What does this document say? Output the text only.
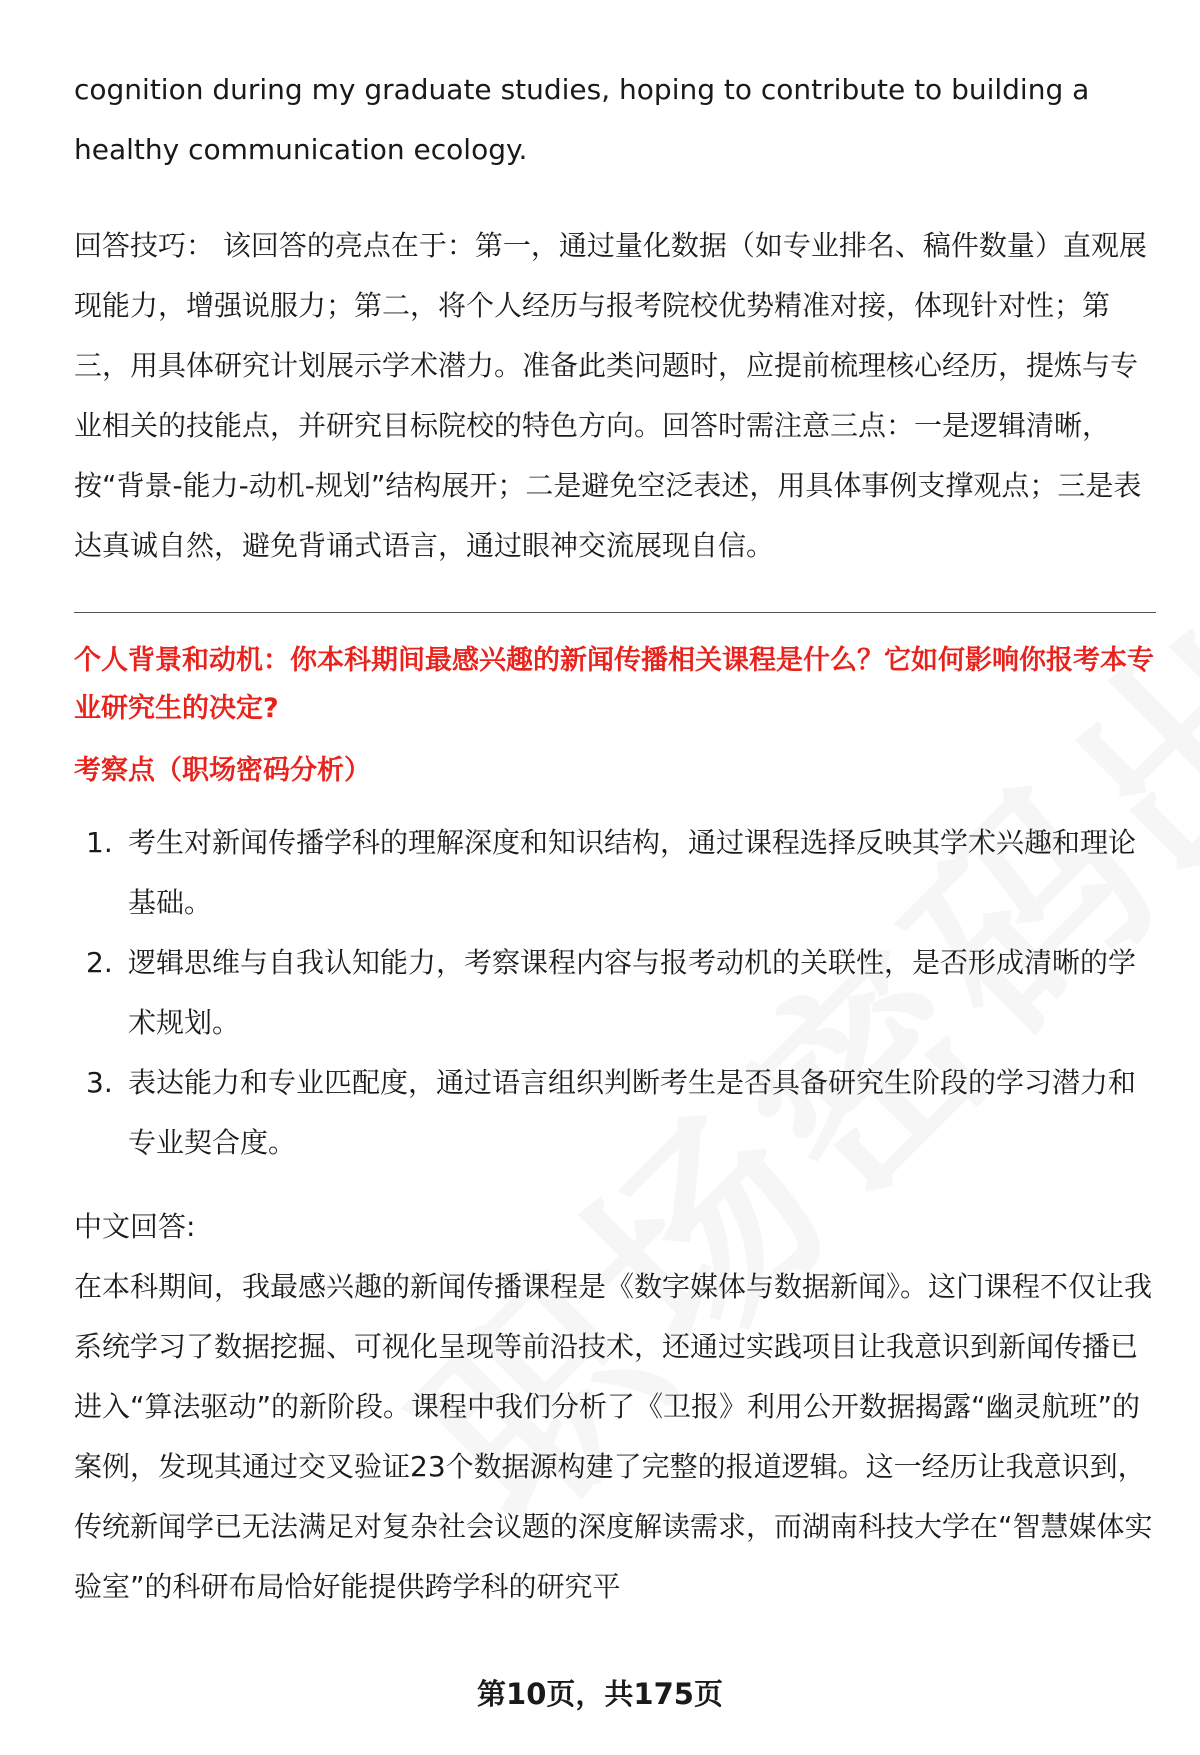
cognition during my graduate studies, hoping to contribute to building a

healthy communication ecology.

回答技巧： 该回答的亮点在于：第一，通过量化数据（如专业排名、稿件数量）直观展现能力，增强说服力；第二，将个人经历与报考院校优势精准对接，体现针对性；第三，用具体研究计划展示学术潜力。准备此类问题时，应提前梳理核心经历，提炼与专业相关的技能点，并研究目标院校的特色方向。回答时需注意三点：一是逻辑清晰，按“背景-能力-动机-规划”结构展开；二是避免空泛表述，用具体事例支撑观点；三是表达真诚自然，避免背诵式语言，通过眼神交流展现自信。

个人背景和动机：你本科期间最感兴趣的新闻传播相关课程是什么？它如何影响你报考本专业研究生的决定?

考察点（职场密码分析）

1. 考生对新闻传播学科的理解深度和知识结构，通过课程选择反映其学术兴趣和理论基础。
2. 逻辑思维与自我认知能力，考察课程内容与报考动机的关联性，是否形成清晰的学术规划。
3. 表达能力和专业匹配度，通过语言组织判断考生是否具备研究生阶段的学习潜力和专业契合度。

中文回答:

在本科期间，我最感兴趣的新闻传播课程是《数字媒体与数据新闻》。这门课程不仅让我系统学习了数据挖掘、可视化呈现等前沿技术，还通过实践项目让我意识到新闻传播已进入“算法驱动”的新阶段。课程中我们分析了《卫报》利用公开数据揭露“幽灵航班”的案例，发现其通过交叉验证23个数据源构建了完整的报道逻辑。这一经历让我意识到，传统新闻学已无法满足对复杂社会议题的深度解读需求，而湖南科技大学在“智慧媒体实验室”的科研布局恰好能提供跨学科的研究平

第10页，共175页
